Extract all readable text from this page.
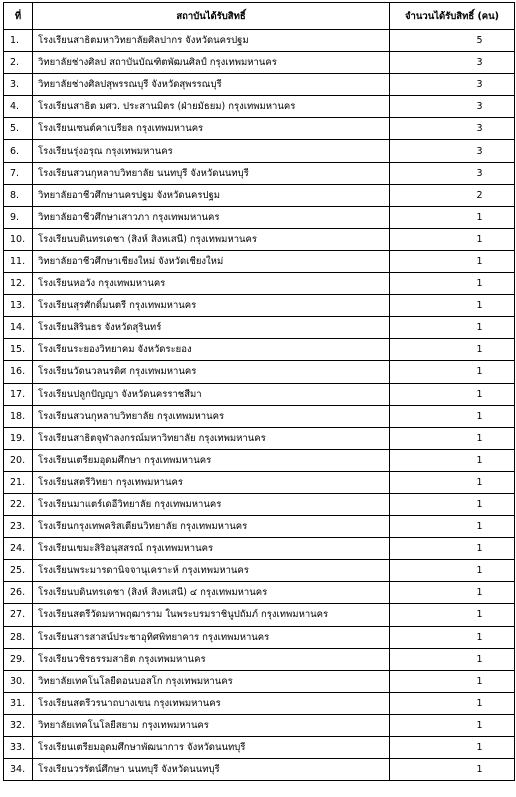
ที่	สถาบันได้รับสิทธิ์	จำนวนได้รับสิทธิ์ (คน)
1.	โรงเรียนสาธิตมหาวิทยาลัยศิลปากร จังหวัดนครปฐม	5
2.	วิทยาลัยช่างศิลป สถาบันบัณฑิตพัฒนศิลป์ กรุงเทพมหานคร	3
3.	วิทยาลัยช่างศิลปสุพรรณบุรี จังหวัดสุพรรณบุรี	3
4.	โรงเรียนสาธิต มศว. ประสานมิตร (ฝ่ายมัธยม) กรุงเทพมหานคร	3
5.	โรงเรียนเซนต์คาเบรียล กรุงเทพมหานคร	3
6.	โรงเรียนรุ่งอรุณ กรุงเทพมหานคร	3
7.	โรงเรียนสวนกุหลาบวิทยาลัย นนทบุรี จังหวัดนนทบุรี	3
8.	วิทยาลัยอาชีวศึกษานครปฐม จังหวัดนครปฐม	2
9.	วิทยาลัยอาชีวศึกษาเสาวภา กรุงเทพมหานคร	1
10.	โรงเรียนบดินทรเดชา (สิงห์ สิงหเสนี) กรุงเทพมหานคร	1
11.	วิทยาลัยอาชีวศึกษาเชียงใหม่ จังหวัดเชียงใหม่	1
12.	โรงเรียนหอวัง กรุงเทพมหานคร	1
13.	โรงเรียนสุรศักดิ์มนตรี กรุงเทพมหานคร	1
14.	โรงเรียนสิรินธร จังหวัดสุรินทร์	1
15.	โรงเรียนระยองวิทยาคม จังหวัดระยอง	1
16.	โรงเรียนวัดนวลนรดิศ กรุงเทพมหานคร	1
17.	โรงเรียนปลูกปัญญา จังหวัดนครราชสีมา	1
18.	โรงเรียนสวนกุหลาบวิทยาลัย กรุงเทพมหานคร	1
19.	โรงเรียนสาธิตจุฬาลงกรณ์มหาวิทยาลัย กรุงเทพมหานคร	1
20.	โรงเรียนเตรียมอุดมศึกษา กรุงเทพมหานคร	1
21.	โรงเรียนสตรีวิทยา กรุงเทพมหานคร	1
22.	โรงเรียนมาแตร์เดอีวิทยาลัย กรุงเทพมหานคร	1
23.	โรงเรียนกรุงเทพคริสเตียนวิทยาลัย กรุงเทพมหานคร	1
24.	โรงเรียนเขมะสิริอนุสสรณ์ กรุงเทพมหานคร	1
25.	โรงเรียนพระมารดานิจจานุเคราะห์ กรุงเทพมหานคร	1
26.	โรงเรียนบดินทรเดชา (สิงห์ สิงหเสนี) ๔ กรุงเทพมหานคร	1
27.	โรงเรียนสตรีวัดมหาพฤฒาราม ในพระบรมราชินูปถัมภ์ กรุงเทพมหานคร	1
28.	โรงเรียนสารสาสน์ประชาอุทิศพิทยาคาร กรุงเทพมหานคร	1
29.	โรงเรียนวชิรธรรมสาธิต กรุงเทพมหานคร	1
30.	วิทยาลัยเทคโนโลยีดอนบอสโก กรุงเทพมหานคร	1
31.	โรงเรียนสตรีวรนาถบางเขน กรุงเทพมหานคร	1
32.	วิทยาลัยเทคโนโลยีสยาม กรุงเทพมหานคร	1
33.	โรงเรียนเตรียมอุดมศึกษาพัฒนาการ จังหวัดนนทบุรี	1
34.	โรงเรียนวรรัตน์ศึกษา นนทบุรี จังหวัดนนทบุรี	1
